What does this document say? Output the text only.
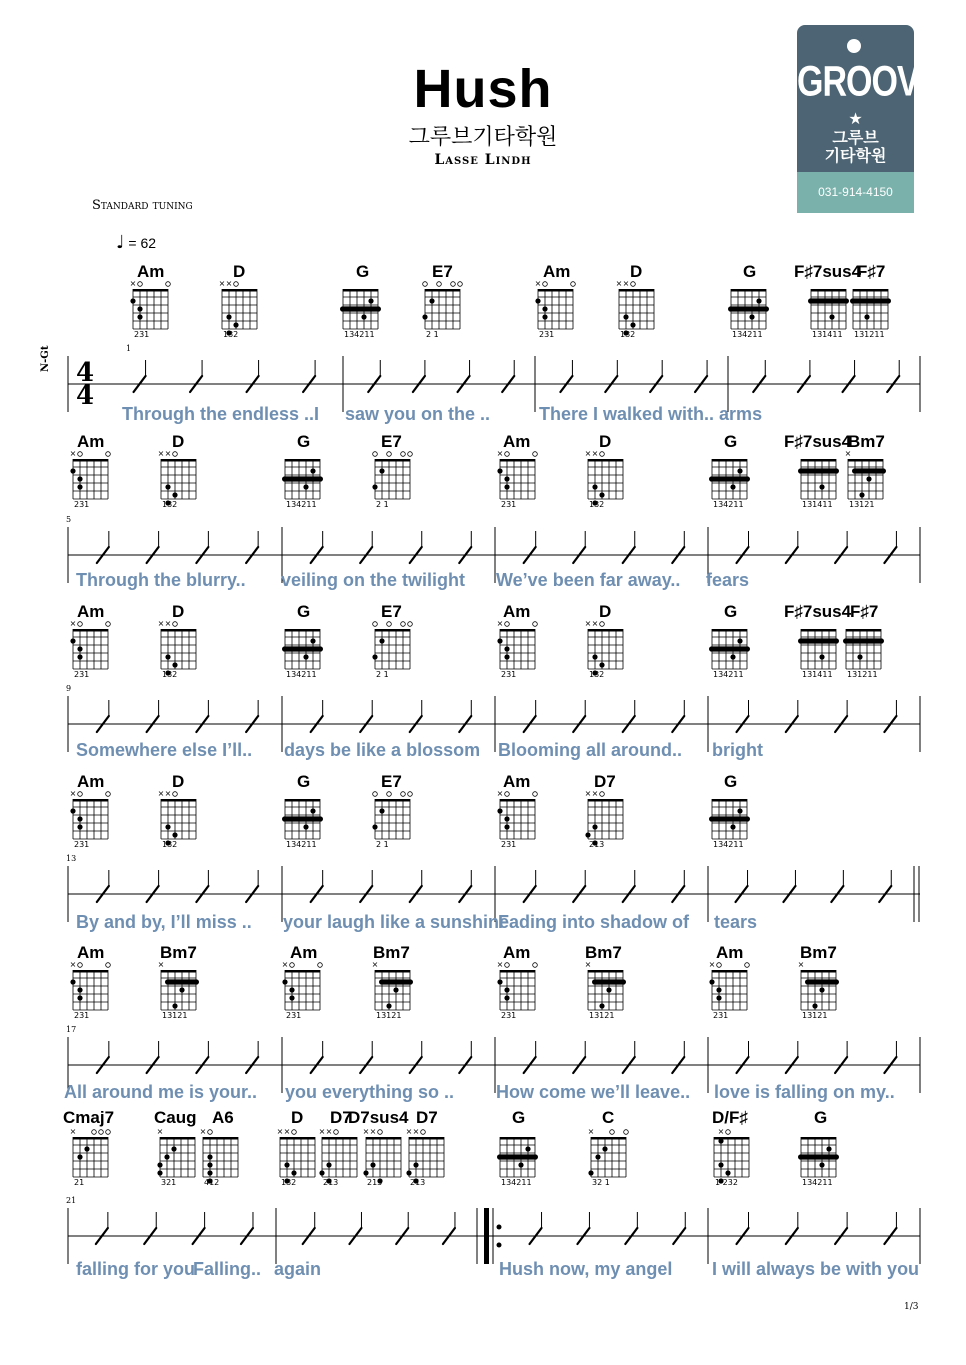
Hush
그루브기타학원
Lasse Lindh
Standard tuning
♩ = 62
N-Gt
GROOVE
★
그루브
기타학원
031-914-4150
1/3
4
4
×	× ×	×	× ×
×	× ×	×	× ×	×
×	× ×	×	× ×
×	× ×	×	× ×
×	×	×	×	×	×	×	×
×	×	×	× ×	× ×	× ×	× ×	×	×
1
Am
231
D
132
G
134211
E7
2 1
Am
231
D
132
G
134211
F♯7sus4
131411
F♯7
131211
Through the endless ..I saw you on the ..	There I walked with.. arms
5
Am
231
D
132
G
134211
E7
2 1
Am
231
D
132
G
134211
F♯7sus4
131411
Bm7
13121
Through the blurry.. veiling on the twilight We’ve been far away.. fears
9
Am
231
D
132
G
134211
E7
2 1
Am
231
D
132
G
134211
F♯7sus4
131411
F♯7
131211
Somewhere else I’ll.. days be like a blossom Blooming all around.. bright
13
Am
231
D
132
G
134211
E7
2 1
Am
231
D7
213
G
134211
By and by, I’ll miss .. your laugh like a sunshine
Fading into shadow of tears
17
Am
231
Bm7
13121
Am
231
Bm7
13121
Am
231
Bm7
13121
Am
231
Bm7
13121
All around me is your.. you everything so .. How come we’ll leave.. love is falling on my..
21
Cmaj7
21
Caug
321
A6
412
D
132
D7
213
D7sus4
213
D7
213
G
134211
C
32 1
D/F♯
1 232
G
134211
falling for you
Falling.. again	Hush now, my angel I will always be with you
